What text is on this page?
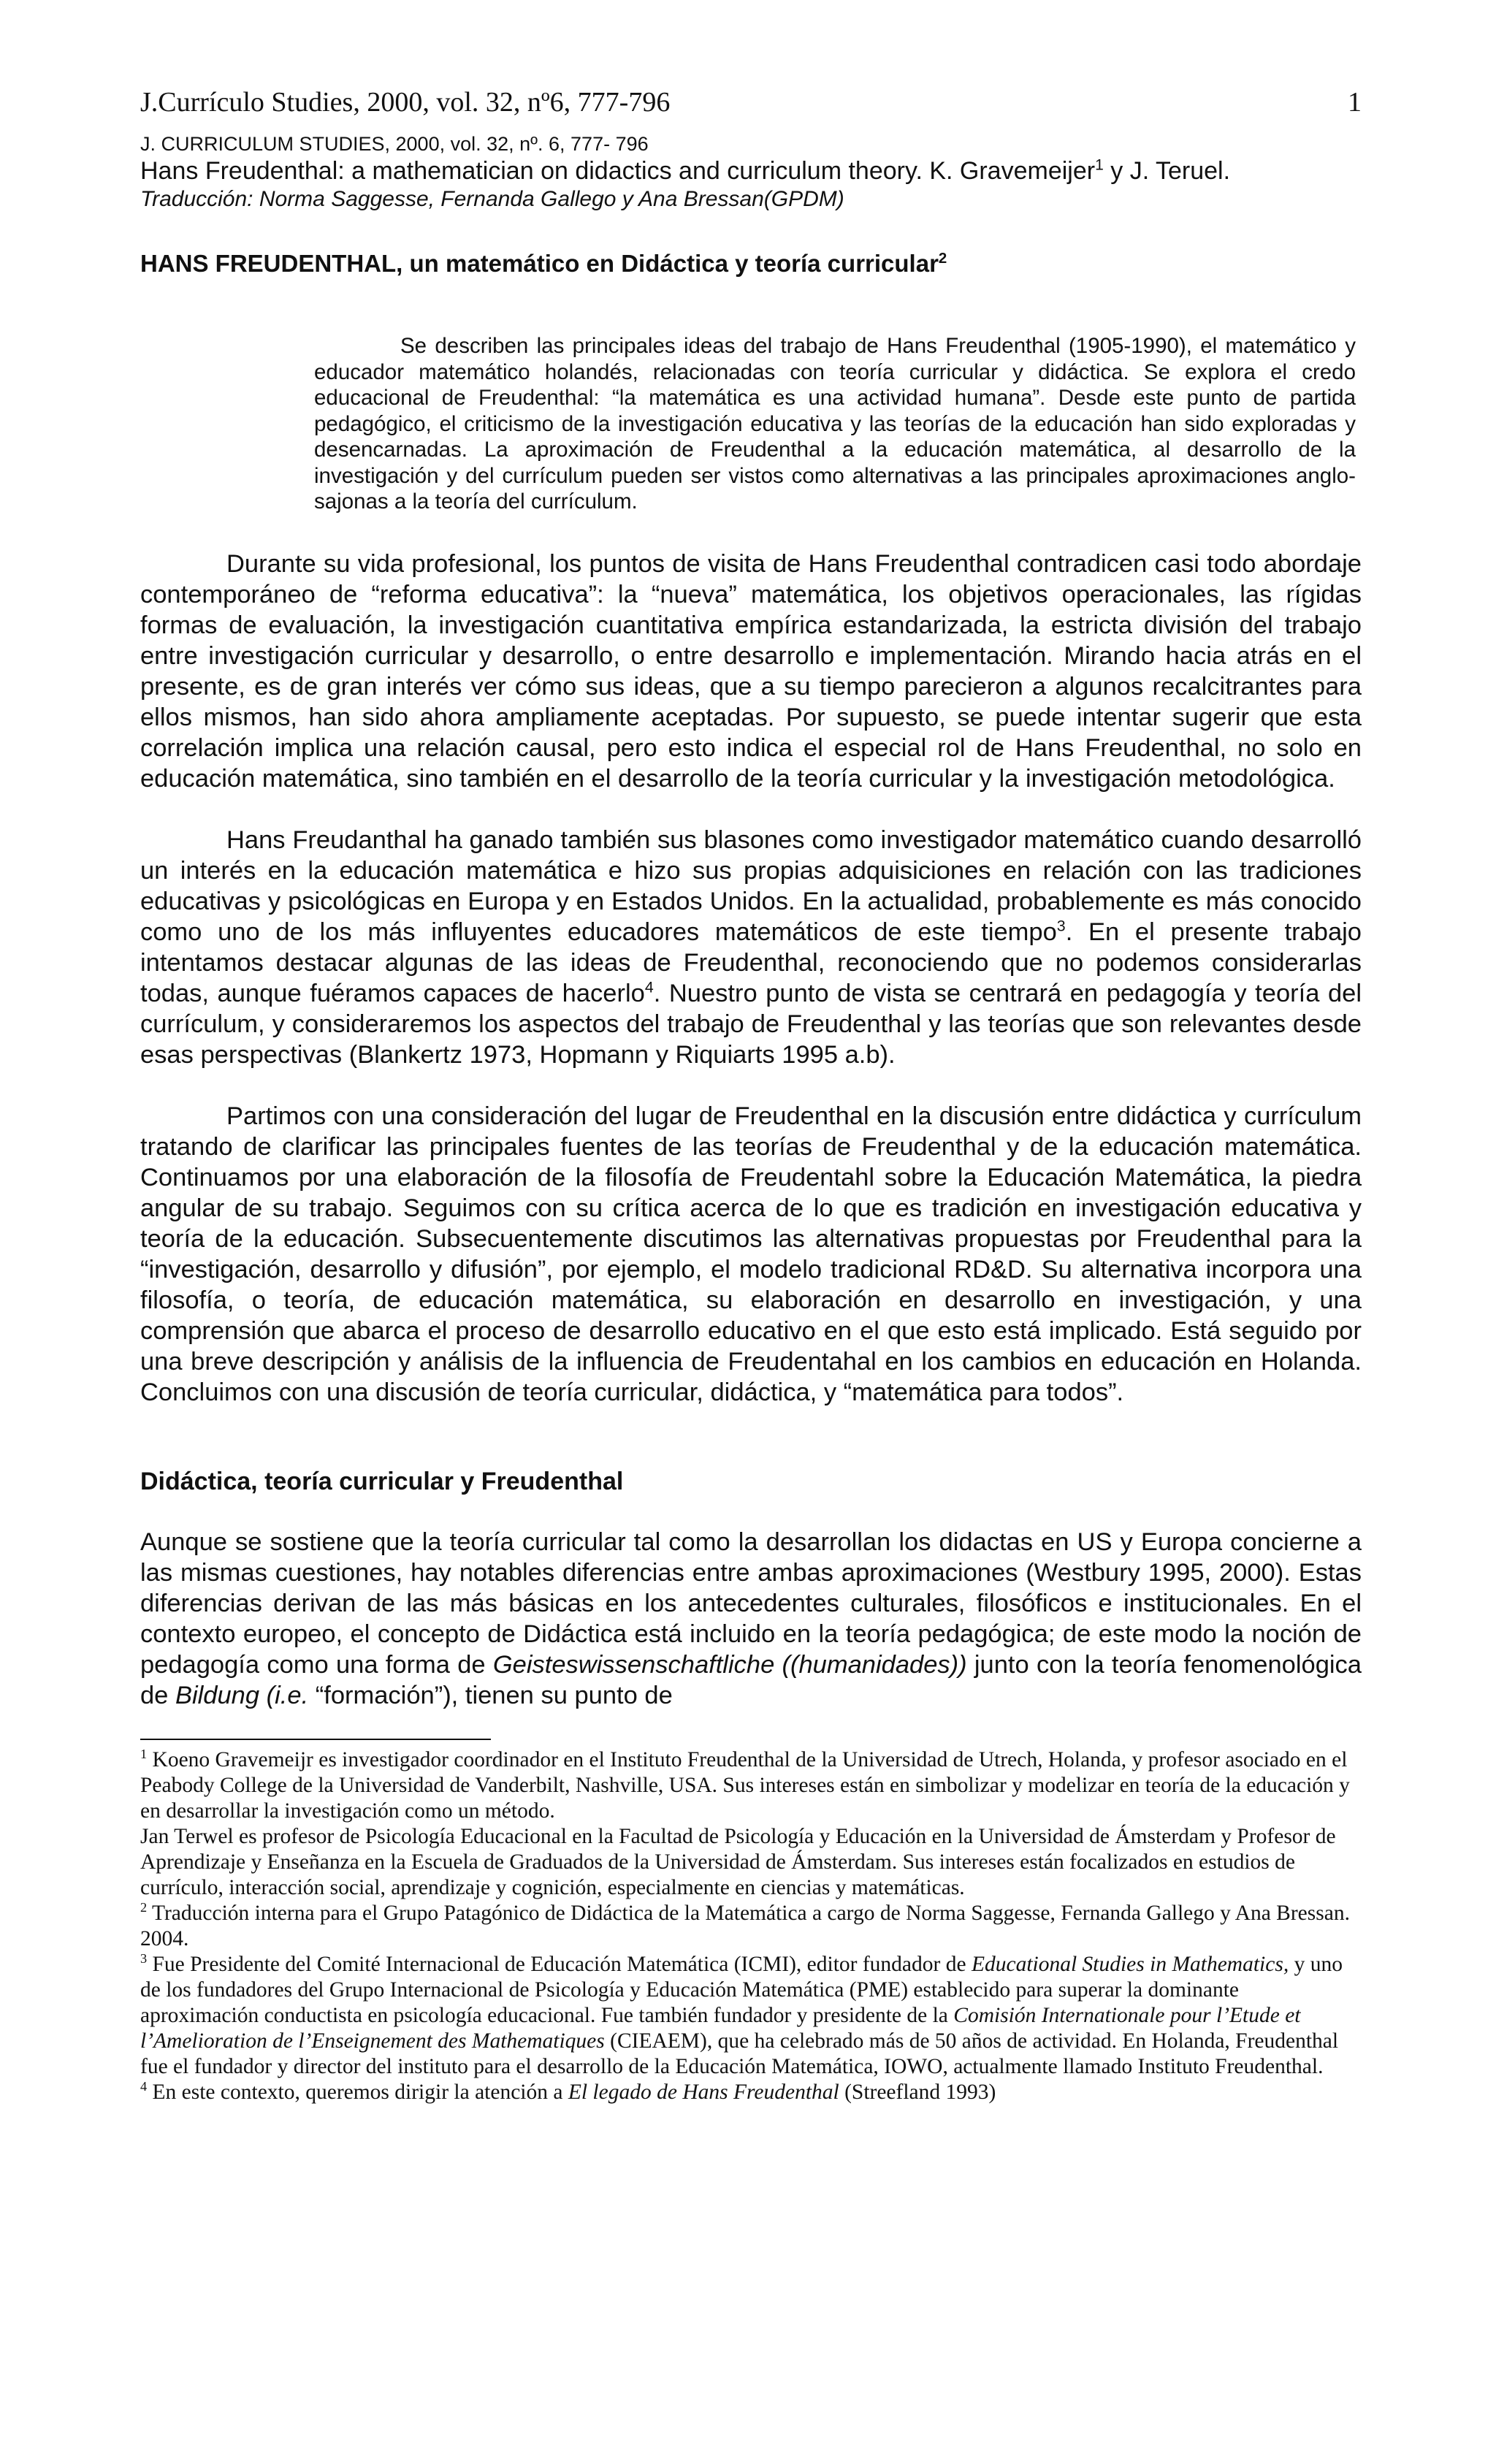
J.Currículo Studies, 2000, vol. 32, nº6, 777-796	1
J. CURRICULUM STUDIES, 2000, vol. 32, nº. 6, 777- 796
Hans Freudenthal: a mathematician on didactics and curriculum theory. K. Gravemeijer$^1$ y J. Teruel.
Traducción: Norma Saggesse, Fernanda Gallego y Ana Bressan(GPDM)
HANS FREUDENTHAL, un matemático en Didáctica y teoría curricular$^2$

Se describen las principales ideas del trabajo de Hans Freudenthal (1905-1990), el matemático y educador matemático holandés, relacionadas con teoría curricular y didáctica. Se explora el credo educacional de Freudenthal: “la matemática es una actividad humana”. Desde este punto de partida pedagógico, el criticismo de la investigación educativa y las teorías de la educación han sido exploradas y desencarnadas. La aproximación de Freudenthal a la educación matemática, al desarrollo de la investigación y del currículum pueden ser vistos como alternativas a las principales aproximaciones anglo-sajonas a la teoría del currículum.

Durante su vida profesional, los puntos de visita de Hans Freudenthal contradicen casi todo abordaje contemporáneo de “reforma educativa”: la “nueva” matemática, los objetivos operacionales, las rígidas formas de evaluación, la investigación cuantitativa empírica estandarizada, la estricta división del trabajo entre investigación curricular y desarrollo, o entre desarrollo e implementación. Mirando hacia atrás en el presente, es de gran interés ver cómo sus ideas, que a su tiempo parecieron a algunos recalcitrantes para ellos mismos, han sido ahora ampliamente aceptadas. Por supuesto, se puede intentar sugerir que esta correlación implica una relación causal, pero esto indica el especial rol de Hans Freudenthal, no solo en educación matemática, sino también en el desarrollo de la teoría curricular y la investigación metodológica.

Hans Freudanthal ha ganado también sus blasones como investigador matemático cuando desarrolló un interés en la educación matemática e hizo sus propias adquisiciones en relación con las tradiciones educativas y psicológicas en Europa y en Estados Unidos. En la actualidad, probablemente es más conocido como uno de los más influyentes educadores matemáticos de este tiempo$^3$. En el presente trabajo intentamos destacar algunas de las ideas de Freudenthal, reconociendo que no podemos considerarlas todas, aunque fuéramos capaces de hacerlo$^4$. Nuestro punto de vista se centrará en pedagogía y teoría del currículum, y consideraremos los aspectos del trabajo de Freudenthal y las teorías que son relevantes desde esas perspectivas (Blankertz 1973, Hopmann y Riquiarts 1995 a.b).

Partimos con una consideración del lugar de Freudenthal en la discusión entre didáctica y currículum tratando de clarificar las principales fuentes de las teorías de Freudenthal y de la educación matemática. Continuamos por una elaboración de la filosofía de Freudentahl sobre la Educación Matemática, la piedra angular de su trabajo. Seguimos con su crítica acerca de lo que es tradición en investigación educativa y teoría de la educación. Subsecuentemente discutimos las alternativas propuestas por Freudenthal para la “investigación, desarrollo y difusión”, por ejemplo, el modelo tradicional RD&D. Su alternativa incorpora una filosofía, o teoría, de educación matemática, su elaboración en desarrollo en investigación, y una comprensión que abarca el proceso de desarrollo educativo en el que esto está implicado. Está seguido por una breve descripción y análisis de la influencia de Freudentahal en los cambios en educación en Holanda. Concluimos con una discusión de teoría curricular, didáctica, y “matemática para todos”.

Didáctica, teoría curricular y Freudenthal

Aunque se sostiene que la teoría curricular tal como la desarrollan los didactas en US y Europa concierne a las mismas cuestiones, hay notables diferencias entre ambas aproximaciones (Westbury 1995, 2000). Estas diferencias derivan de las más básicas en los antecedentes culturales, filosóficos e institucionales. En el contexto europeo, el concepto de Didáctica está incluido en la teoría pedagógica; de este modo la noción de pedagogía como una forma de Geisteswissenschaftliche ((humanidades)) junto con la teoría fenomenológica de Bildung (i.e. “formación”), tienen su punto de

$^1$ Koeno Gravemeijr es investigador coordinador en el Instituto Freudenthal de la Universidad de Utrech, Holanda, y profesor asociado en el Peabody College de la Universidad de Vanderbilt, Nashville, USA. Sus intereses están en simbolizar y modelizar en teoría de la educación y en desarrollar la investigación como un método.
Jan Terwel es profesor de Psicología Educacional en la Facultad de Psicología y Educación en la Universidad de Ámsterdam y Profesor de Aprendizaje y Enseñanza en la Escuela de Graduados de la Universidad de Ámsterdam. Sus intereses están focalizados en estudios de currículo, interacción social, aprendizaje y cognición, especialmente en ciencias y matemáticas.
$^2$ Traducción interna para el Grupo Patagónico de Didáctica de la Matemática a cargo de Norma Saggesse, Fernanda Gallego y Ana Bressan. 2004.
$^3$ Fue Presidente del Comité Internacional de Educación Matemática (ICMI), editor fundador de Educational Studies in Mathematics, y uno de los fundadores del Grupo Internacional de Psicología y Educación Matemática (PME) establecido para superar la dominante aproximación conductista en psicología educacional. Fue también fundador y presidente de la Comisión Internationale pour l’Etude et l’Amelioration de l’Enseignement des Mathematiques (CIEAEM), que ha celebrado más de 50 años de actividad. En Holanda, Freudenthal fue el fundador y director del instituto para el desarrollo de la Educación Matemática, IOWO, actualmente llamado Instituto Freudenthal.
$^4$ En este contexto, queremos dirigir la atención a El legado de Hans Freudenthal (Streefland 1993)
